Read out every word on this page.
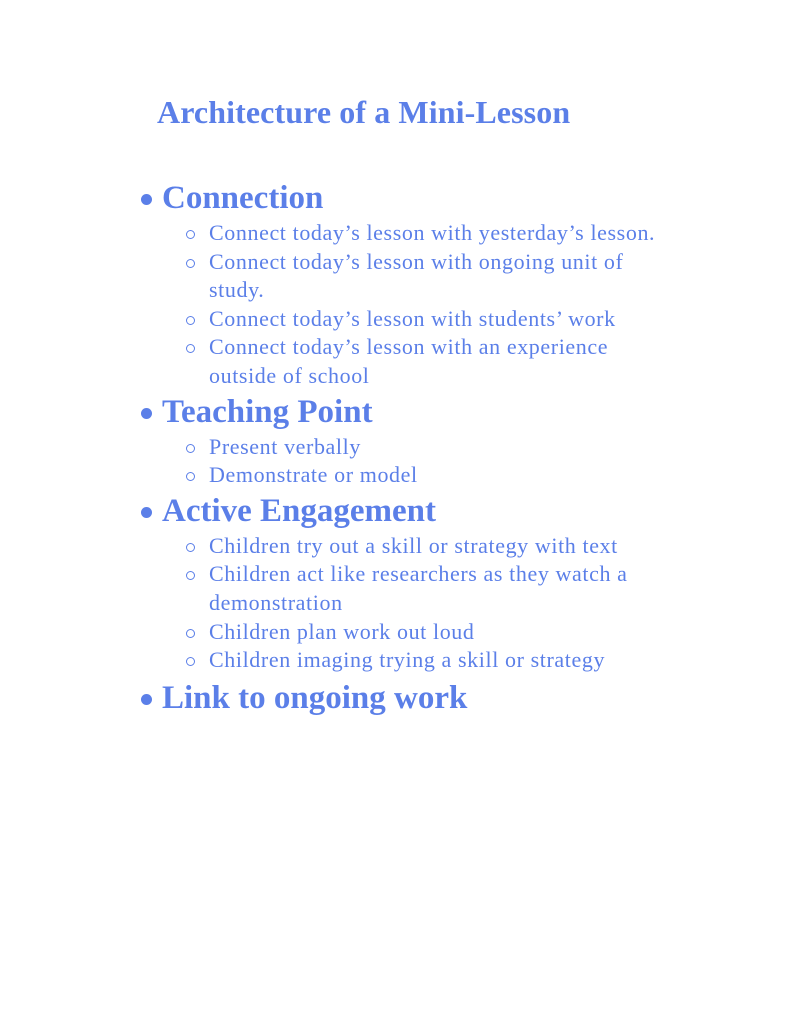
Architecture of a Mini-Lesson
Connection
Connect today’s lesson with yesterday’s lesson.
Connect today’s lesson with ongoing unit of study.
Connect today’s lesson with students’ work
Connect today’s lesson with an experience outside of school
Teaching Point
Present verbally
Demonstrate or model
Active Engagement
Children try out a skill or strategy with text
Children act like researchers as they watch a demonstration
Children plan work out loud
Children imaging trying a skill or strategy
Link to ongoing work
